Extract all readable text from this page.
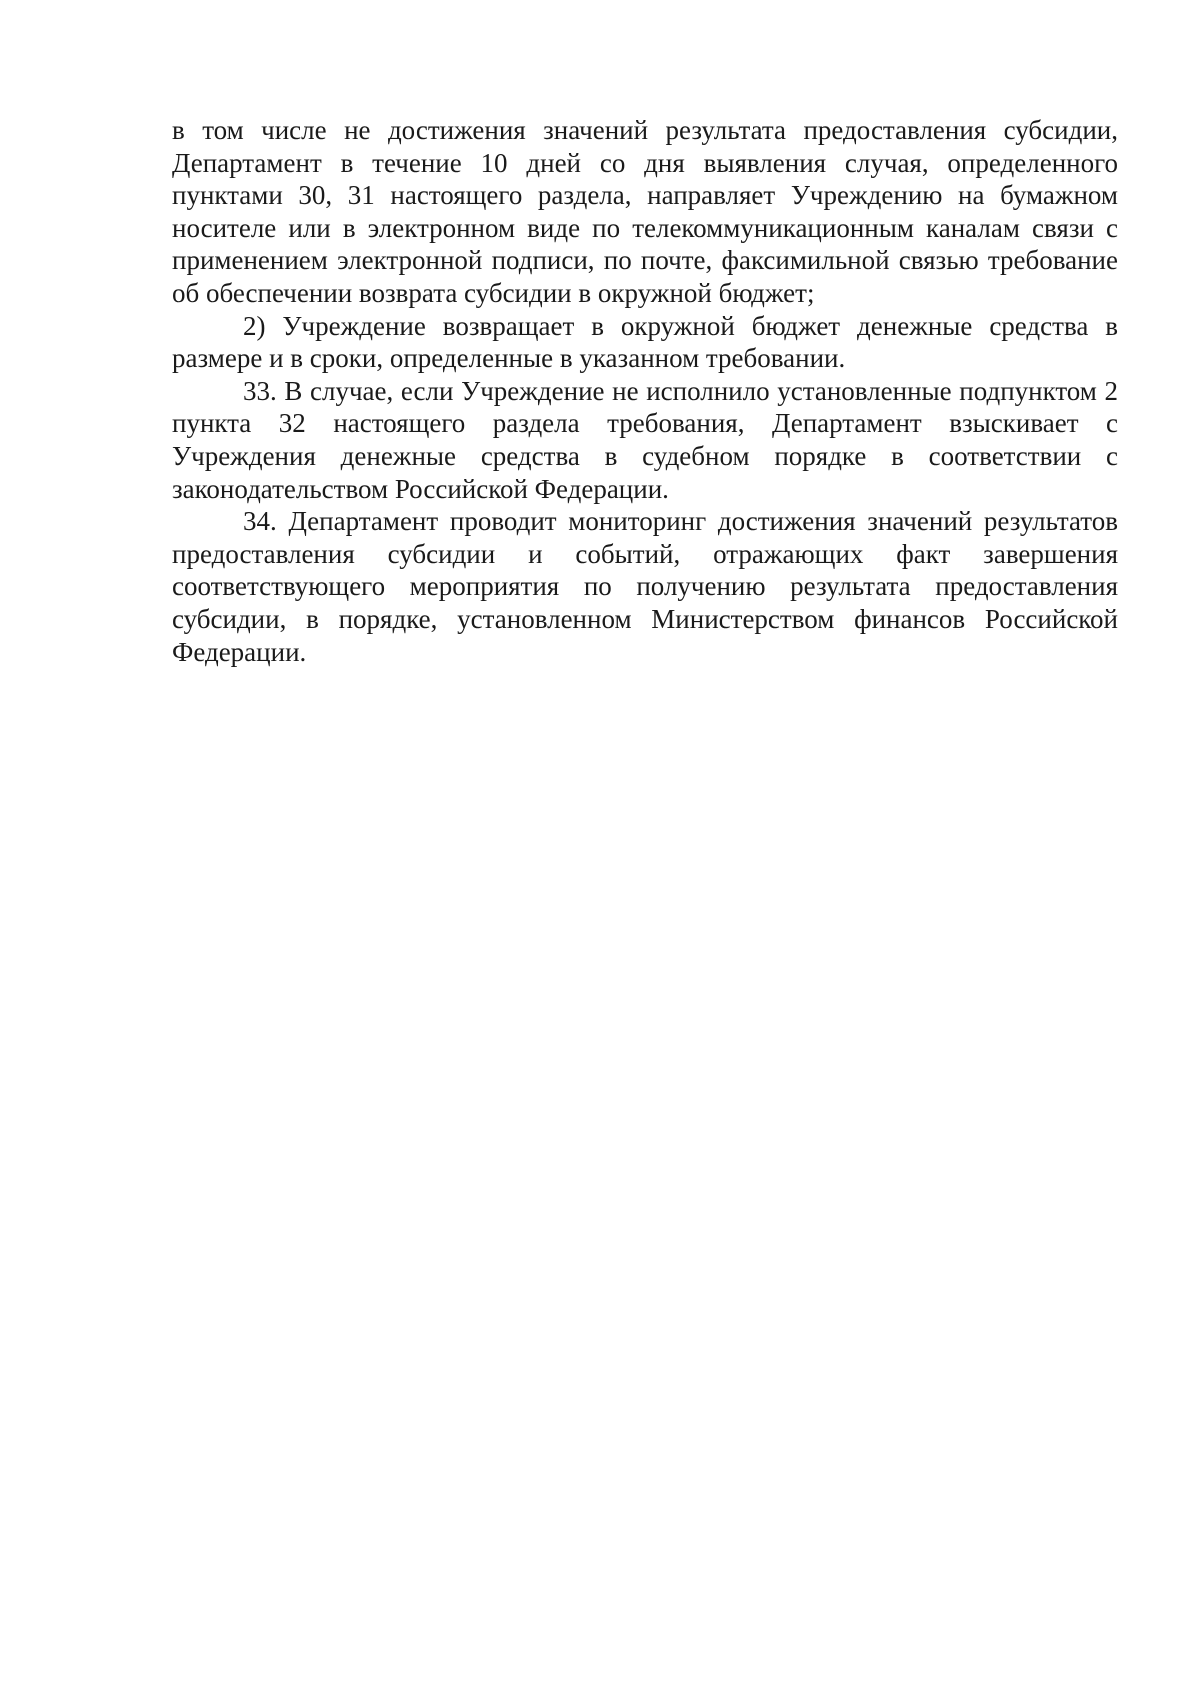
в том числе не достижения значений результата предоставления субсидии, Департамент в течение 10 дней со дня выявления случая, определенного пунктами 30, 31 настоящего раздела, направляет Учреждению на бумажном носителе или в электронном виде по телекоммуникационным каналам связи с применением электронной подписи, по почте, факсимильной связью требование об обеспечении возврата субсидии в окружной бюджет;

2) Учреждение возвращает в окружной бюджет денежные средства в размере и в сроки, определенные в указанном требовании.

33. В случае, если Учреждение не исполнило установленные подпунктом 2 пункта 32 настоящего раздела требования, Департамент взыскивает с Учреждения денежные средства в судебном порядке в соответствии с законодательством Российской Федерации.

34. Департамент проводит мониторинг достижения значений результатов предоставления субсидии и событий, отражающих факт завершения соответствующего мероприятия по получению результата предоставления субсидии, в порядке, установленном Министерством финансов Российской Федерации.
